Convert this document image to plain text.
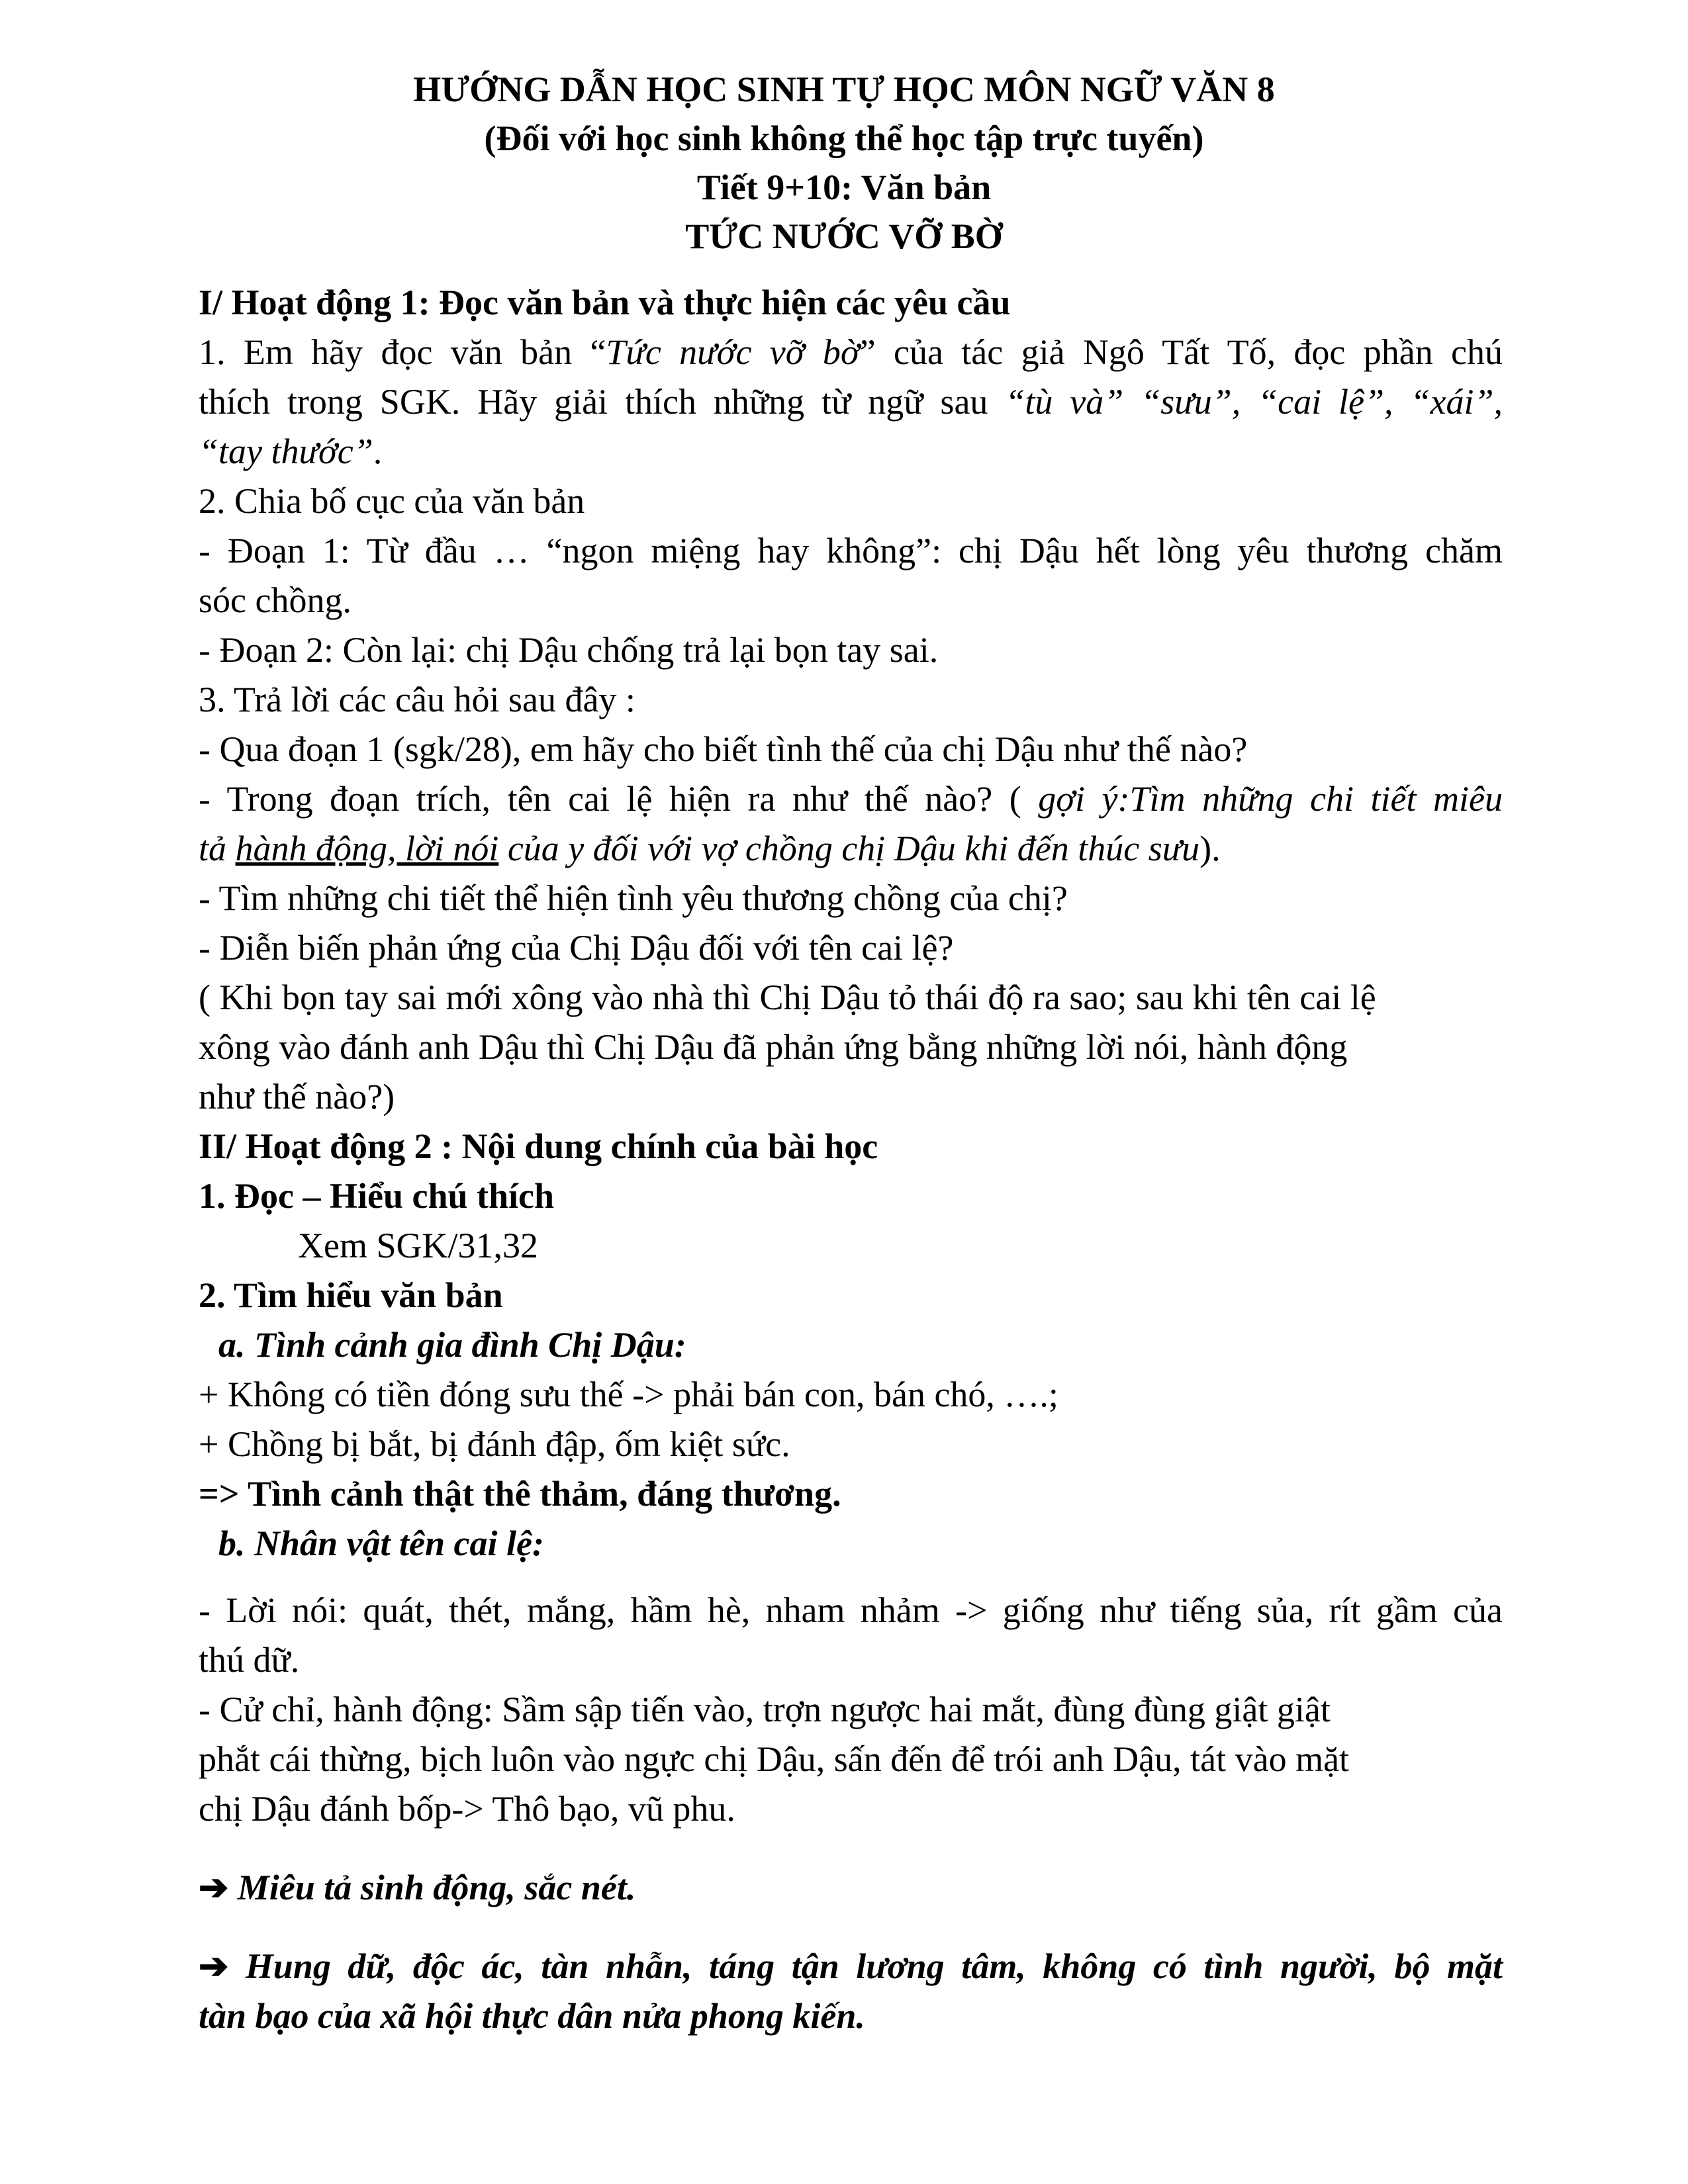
HƯỚNG DẪN HỌC SINH TỰ HỌC MÔN NGỮ VĂN 8
(Đối với học sinh không thể học tập trực tuyến)
Tiết 9+10: Văn bản
TỨC NƯỚC VỠ BỜ
I/ Hoạt động 1: Đọc văn bản và thực hiện các yêu cầu
1. Em hãy đọc văn bản “Tức nước vỡ bờ” của tác giả Ngô Tất Tố, đọc phần chú
thích trong SGK. Hãy giải thích những từ ngữ sau “tù và” “sưu”, “cai lệ”, “xái”,
“tay thước”.
2. Chia bố cục của văn bản
- Đoạn 1: Từ đầu … “ngon miệng hay không”: chị Dậu hết lòng yêu thương chăm
sóc chồng.
- Đoạn 2: Còn lại: chị Dậu chống trả lại bọn tay sai.
3. Trả lời các câu hỏi sau đây :
- Qua đoạn 1 (sgk/28), em hãy cho biết tình thế của chị Dậu như thế nào?
- Trong đoạn trích, tên cai lệ hiện ra như thế nào? ( gợi ý:Tìm những chi tiết miêu
tả hành động, lời nói của y đối với vợ chồng chị Dậu khi đến thúc sưu).
- Tìm những chi tiết thể hiện tình yêu thương chồng của chị?
- Diễn biến phản ứng của Chị Dậu đối với tên cai lệ?
( Khi bọn tay sai mới xông vào nhà thì Chị Dậu tỏ thái độ ra sao; sau khi tên cai lệ
xông vào đánh anh Dậu thì Chị Dậu đã phản ứng bằng những lời nói, hành động
như thế nào?)
II/ Hoạt động 2 : Nội dung chính của bài học
1. Đọc – Hiểu chú thích
Xem SGK/31,32
2. Tìm hiểu văn bản
a. Tình cảnh gia đình Chị Dậu:
+ Không có tiền đóng sưu thế -> phải bán con, bán chó, ….;
+ Chồng bị bắt, bị đánh đập, ốm kiệt sức.
=> Tình cảnh thật thê thảm, đáng thương.
b. Nhân vật tên cai lệ:
- Lời nói: quát, thét, mắng, hầm hè, nham nhảm -> giống như tiếng sủa, rít gầm của
thú dữ.
- Cử chỉ, hành động: Sầm sập tiến vào, trợn ngược hai mắt, đùng đùng giật giật
phắt cái thừng, bịch luôn vào ngực chị Dậu, sấn đến để trói anh Dậu, tát vào mặt
chị Dậu đánh bốp-> Thô bạo, vũ phu.
➔ Miêu tả sinh động, sắc nét.
➔ Hung dữ, độc ác, tàn nhẫn, táng tận lương tâm, không có tình người, bộ mặt
tàn bạo của xã hội thực dân nửa phong kiến.
